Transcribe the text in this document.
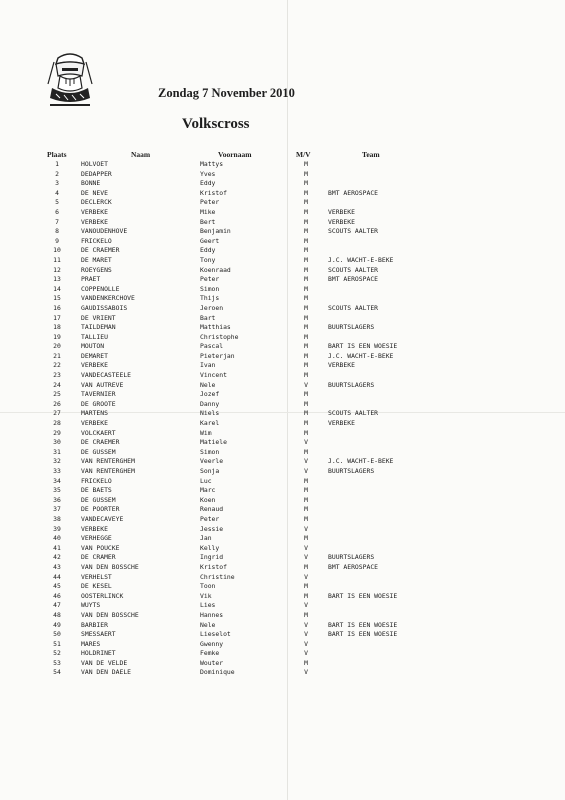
Zondag 7 November 2010
Volkscross
Plaats	Naam	Voornaam	M/V	Team
1	HOLVOET	Mattys	M
2	DEDAPPER	Yves	M
3	BONNE	Eddy	M
4	DE NEVE	Kristof	M	BMT AEROSPACE
5	DECLERCK	Peter	M
6	VERBEKE	Mike	M	VERBEKE
7	VERBEKE	Bert	M	VERBEKE
8	VANOUDENHOVE	Benjamin	M	SCOUTS AALTER
9	FRICKELO	Geert	M
10	DE CRAEMER	Eddy	M
11	DE MARET	Tony	M	J.C. WACHT-E-BEKE
12	ROEYGENS	Koenraad	M	SCOUTS AALTER
13	PRAET	Peter	M	BMT AEROSPACE
14	COPPENOLLE	Simon	M
15	VANDENKERCHOVE	Thijs	M
16	GAUDISSABOIS	Jeroen	M	SCOUTS AALTER
17	DE VRIENT	Bart	M
18	TAILDEMAN	Matthias	M	BUURTSLAGERS
19	TALLIEU	Christophe	M
20	MOUTON	Pascal	M	BART IS EEN WOESIE
21	DEMARET	Pieterjan	M	J.C. WACHT-E-BEKE
22	VERBEKE	Ivan	M	VERBEKE
23	VANDECASTEELE	Vincent	M
24	VAN AUTREVE	Nele	V	BUURTSLAGERS
25	TAVERNIER	Jozef	M
26	DE GROOTE	Danny	M
27	MARTENS	Niels	M	SCOUTS AALTER
28	VERBEKE	Karel	M	VERBEKE
29	VOLCKAERT	Wim	M
30	DE CRAEMER	Matiele	V
31	DE GUSSEM	Simon	M
32	VAN RENTERGHEM	Veerle	V	J.C. WACHT-E-BEKE
33	VAN RENTERGHEM	Sonja	V	BUURTSLAGERS
34	FRICKELO	Luc	M
35	DE BAETS	Marc	M
36	DE GUSSEM	Koen	M
37	DE POORTER	Renaud	M
38	VANDECAVEYE	Peter	M
39	VERBEKE	Jessie	V
40	VERHEGGE	Jan	M
41	VAN POUCKE	Kelly	V
42	DE CRAMER	Ingrid	V	BUURTSLAGERS
43	VAN DEN BOSSCHE	Kristof	M	BMT AEROSPACE
44	VERHELST	Christine	V
45	DE KESEL	Toon	M
46	OOSTERLINCK	Vik	M	BART IS EEN WOESIE
47	WUYTS	Lies	V
48	VAN DEN BOSSCHE	Hannes	M
49	BARBIER	Nele	V	BART IS EEN WOESIE
50	SMESSAERT	Lieselot	V	BART IS EEN WOESIE
51	MARES	Gwenny	V
52	HOLDRINET	Femke	V
53	VAN DE VELDE	Wouter	M
54	VAN DEN DAELE	Dominique	V
